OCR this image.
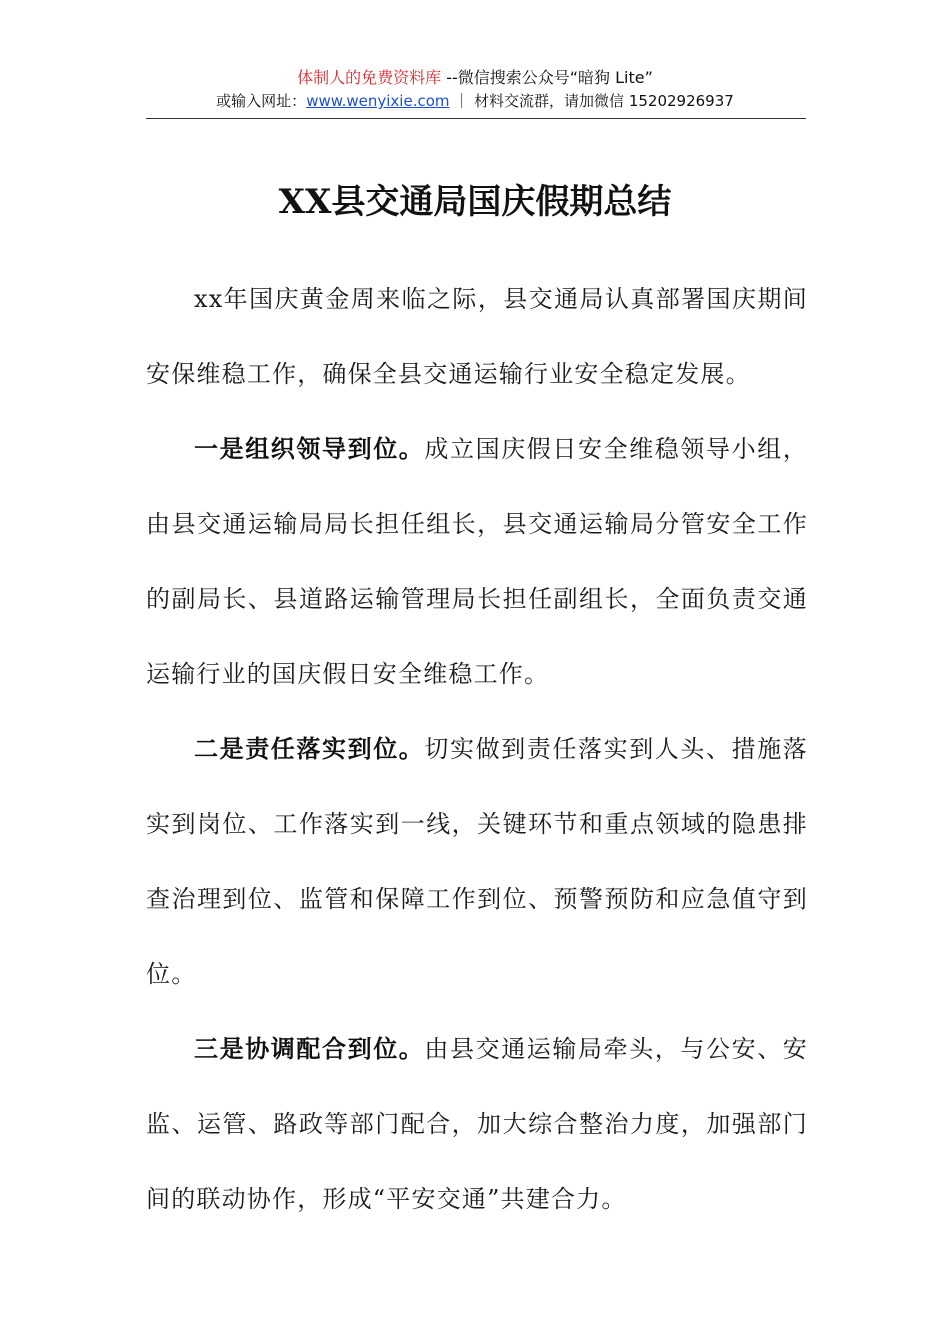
体制人的免费资料库 --微信搜索公众号“暗狗 Lite”
或输入网址：www.wenyixie.com ｜ 材料交流群，请加微信 15202926937
XX县交通局国庆假期总结

xx年国庆黄金周来临之际，县交通局认真部署国庆期间安保维稳工作，确保全县交通运输行业安全稳定发展。

一是组织领导到位。成立国庆假日安全维稳领导小组，由县交通运输局局长担任组长，县交通运输局分管安全工作的副局长、县道路运输管理局长担任副组长，全面负责交通运输行业的国庆假日安全维稳工作。

二是责任落实到位。切实做到责任落实到人头、措施落实到岗位、工作落实到一线，关键环节和重点领域的隐患排查治理到位、监管和保障工作到位、预警预防和应急值守到位。

三是协调配合到位。由县交通运输局牵头，与公安、安监、运管、路政等部门配合，加大综合整治力度，加强部门间的联动协作，形成“平安交通”共建合力。
